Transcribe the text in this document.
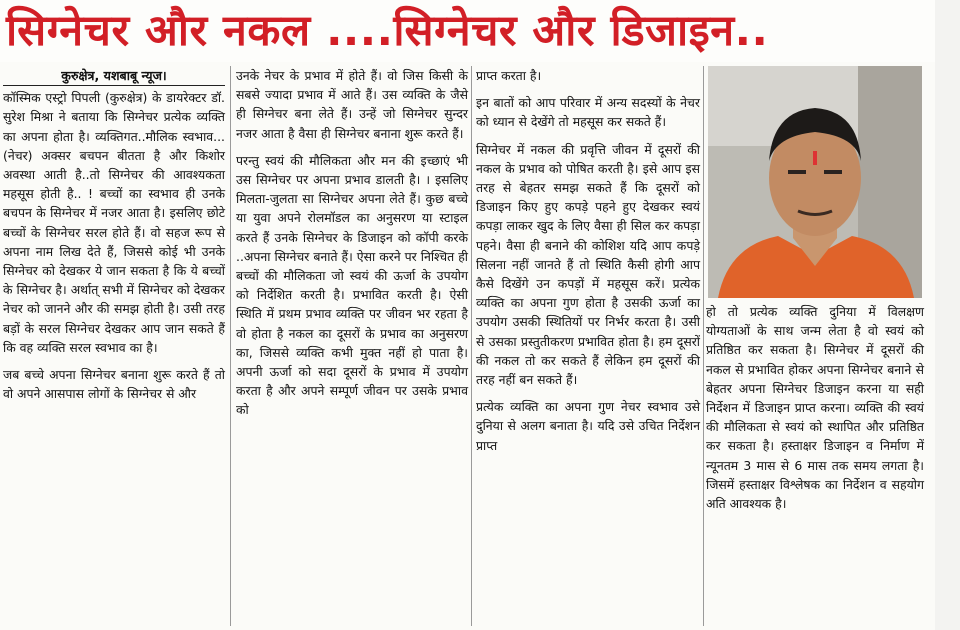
सिग्नेचर और नकल ....सिग्नेचर और डिजाइन..
कुरुक्षेत्र, यशबाबू न्यूज।

कॉस्मिक एस्ट्रो पिपली (कुरुक्षेत्र) के डायरेक्टर डॉ. सुरेश मिश्रा ने बताया कि सिग्नेचर प्रत्येक व्यक्ति का अपना होता है। व्यक्तिगत..मौलिक स्वभाव...(नेचर) अक्सर बचपन बीतता है और किशोर अवस्था आती है..तो सिग्नेचर की आवश्यकता महसूस होती है.. ! बच्चों का स्वभाव ही उनके बचपन के सिग्नेचर में नजर आता है। इसलिए छोटे बच्चों के सिग्नेचर सरल होते हैं। वो सहज रूप से अपना नाम लिख देते हैं, जिससे कोई भी उनके सिग्नेचर को देखकर ये जान सकता है कि ये बच्चों के सिग्नेचर है। अर्थात् सभी में सिग्नेचर को देखकर नेचर को जानने और की समझ होती है। उसी तरह बड़ों के सरल सिग्नेचर देखकर आप जान सकते हैं कि वह व्यक्ति सरल स्वभाव का है।

जब बच्चे अपना सिग्नेचर बनाना शुरू करते हैं तो वो अपने आसपास लोगों के सिग्नेचर से और

उनके नेचर के प्रभाव में होते हैं। वो जिस किसी के सबसे ज्यादा प्रभाव में आते हैं। उस व्यक्ति के जैसे ही सिग्नेचर बना लेते हैं। उन्हें जो सिग्नेचर सुन्दर नजर आता है वैसा ही सिग्नेचर बनाना शुरू करते हैं।

परन्तु स्वयं की मौलिकता और मन की इच्छाएं भी उस सिग्नेचर पर अपना प्रभाव डालती है। । इसलिए मिलता-जुलता सा सिग्नेचर अपना लेते हैं। कुछ बच्चे या युवा अपने रोलमॉडल का अनुसरण या स्टाइल करते हैं उनके सिग्नेचर के डिजाइन को कॉपी करके ..अपना सिग्नेचर बनाते हैं। ऐसा करने पर निश्चित ही बच्चों की मौलिकता जो स्वयं की ऊर्जा के उपयोग को निर्देशित करती है। प्रभावित करती है। ऐसी स्थिति में प्रथम प्रभाव व्यक्ति पर जीवन भर रहता है वो होता है नकल का दूसरों के प्रभाव का अनुसरण का, जिससे व्यक्ति कभी मुक्त नहीं हो पाता है। अपनी ऊर्जा को सदा दूसरों के प्रभाव में उपयोग करता है और अपने सम्पूर्ण जीवन पर उसके प्रभाव को

प्राप्त करता है।

इन बातों को आप परिवार में अन्य सदस्यों के नेचर को ध्यान से देखेंगे तो महसूस कर सकते हैं।

सिग्नेचर में नकल की प्रवृत्ति जीवन में दूसरों की नकल के प्रभाव को पोषित करती है। इसे आप इस तरह से बेहतर समझ सकते हैं कि दूसरों को डिजाइन किए हुए कपड़े पहने हुए देखकर स्वयं कपड़ा लाकर खुद के लिए वैसा ही सिल कर कपड़ा पहने। वैसा ही बनाने की कोशिश यदि आप कपड़े सिलना नहीं जानते हैं तो स्थिति कैसी होगी आप कैसे दिखेंगे उन कपड़ों में महसूस करें। प्रत्येक व्यक्ति का अपना गुण होता है उसकी ऊर्जा का उपयोग उसकी स्थितियों पर निर्भर करता है। उसी से उसका प्रस्तुतीकरण प्रभावित होता है। हम दूसरों की नकल तो कर सकते हैं लेकिन हम दूसरों की तरह नहीं बन सकते हैं।

प्रत्येक व्यक्ति का अपना गुण नेचर स्वभाव उसे दुनिया से अलग बनाता है। यदि उसे उचित निर्देशन प्राप्त

हो तो प्रत्येक व्यक्ति दुनिया में विलक्षण योग्यताओं के साथ जन्म लेता है वो स्वयं को प्रतिष्ठित कर सकता है। सिग्नेचर में दूसरों की नकल से प्रभावित होकर अपना सिग्नेचर बनाने से बेहतर अपना सिग्नेचर डिजाइन करना या सही निर्देशन में डिजाइन प्राप्त करना। व्यक्ति की स्वयं की मौलिकता से स्वयं को स्थापित और प्रतिष्ठित कर सकता है। हस्ताक्षर डिजाइन व निर्माण में न्यूनतम 3 मास से 6 मास तक समय लगता है। जिसमें हस्ताक्षर विश्लेषक का निर्देशन व सहयोग अति आवश्यक है।
